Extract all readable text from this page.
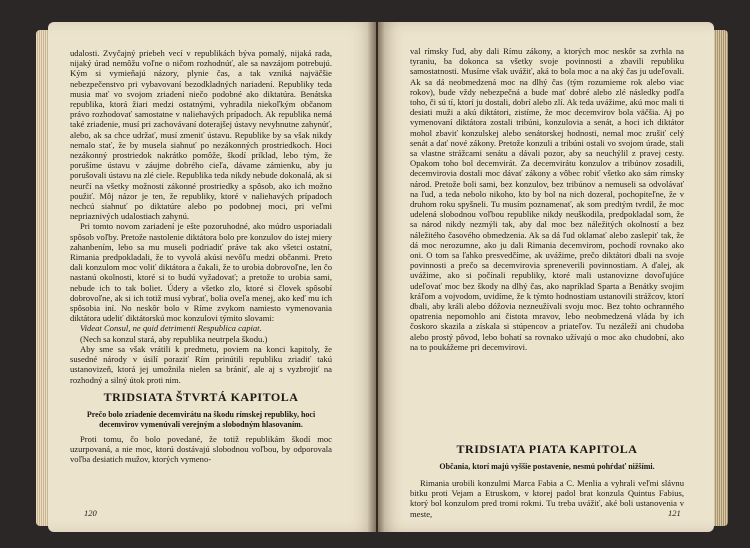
udalosti. Zvyčajný priebeh vecí v republikách býva pomalý, nijaká rada, nijaký úrad nemôžu voľne o ničom rozhodnúť, ale sa navzájom potrebujú. Kým si vymieňajú názory, plynie čas, a tak vzniká najväčšie nebezpečenstvo pri vybavovaní bezodkladných nariadení. Republiky teda musia mať vo svojom zriadení niečo podobné ako diktatúra. Benátska republika, ktorá žiari medzi ostatnými, vyhradila niekoľkým občanom právo rozhodovať samostatne v naliehavých prípadoch. Ak republika nemá také zriadenie, musí pri zachovávaní doterajšej ústavy nevyhnutne zahynúť, alebo, ak sa chce udržať, musí zmeniť ústavu. Republike by sa však nikdy nemalo stať, že by musela siahnuť po nezákonných prostriedkoch. Hoci nezákonný prostriedok nakrátko pomôže, škodí príklad, lebo tým, že porušíme ústavu v záujme dobrého cieľa, dávame zámienku, aby ju porušovali ústavu na zlé ciele. Republika teda nikdy nebude dokonalá, ak si neurčí na všetky možnosti zákonné prostriedky a spôsob, ako ich možno použiť. Môj názor je ten, že republiky, ktoré v naliehavých prípadoch nechcú siahnuť po diktatúre alebo po podobnej moci, pri veľmi nepriaznivých udalostiach zahynú.

Pri tomto novom zariadení je ešte pozoruhodné, ako múdro usporiadali spôsob voľby. Pretože nastolenie diktátora bolo pre konzulov do istej miery zahanbením, lebo sa mu museli podriadiť práve tak ako všetci ostatní, Rimania predpokladali, že to vyvolá akúsi nevôľu medzi občanmi. Preto dali konzulom moc voliť diktátora a čakali, že to urobia dobrovoľne, len čo nastanú okolnosti, ktoré si to budú vyžadovať; a pretože to urobia sami, nebude ich to tak boliet. Údery a všetko zlo, ktoré si človek spôsobí dobrovoľne, ak si ich totiž musí vybrať, bolia oveľa menej, ako keď mu ich spôsobia iní. No neskôr bolo v Ríme zvykom namiesto vymenovania diktátora udeliť diktátorskú moc konzulovi týmito slovami:

Videat Consul, ne quid detrimenti Respublica capiat.

(Nech sa konzul stará, aby republika neutrpela škodu.)

Aby sme sa však vrátili k predmetu, poviem na konci kapitoly, že susedné národy v úsilí poraziť Rím prinútili republiku zriadiť takú ustanovizeň, ktorá jej umožnila nielen sa brániť, ale aj s vyzbrojiť na rozhodný a silný útok proti nim.

TRIDSIATA ŠTVRTÁ KAPITOLA
Prečo bolo zriadenie decemvirátu na škodu rímskej republiky, hoci decemvirov vymenúvali verejným a slobodným hlasovaním.

Proti tomu, čo bolo povedané, že totiž republikám škodí moc uzurpovaná, a nie moc, ktorú dostávajú slobodnou voľbou, by odporovala voľba desiatich mužov, ktorých vymeno-

120

val rímsky ľud, aby dali Rímu zákony, a ktorých moc neskôr sa zvrhla na tyraniu, ba dokonca sa všetky svoje povinnosti a zbavili republiku samostatnosti. Musíme však uvážiť, aká to bola moc a na aký čas ju udeľovali. Ak sa dá neobmedzená moc na dlhý čas (tým rozumieme rok alebo viac rokov), bude vždy nebezpečná a bude mať dobré alebo zlé následky podľa toho, či sú tí, ktorí ju dostali, dobrí alebo zlí. Ak teda uvážime, akú moc mali ti desiati muži a akú diktátori, zistíme, že moc decemvirov bola väčšia. Aj po vymenovaní diktátora zostali tribúni, konzulovia a senát, a hoci ich diktátor mohol zbaviť konzulskej alebo senátorskej hodnosti, nemal moc zrušiť celý senát a dať nové zákony. Pretože konzuli a tribúni ostali vo svojom úrade, stali sa vlastne strážcami senátu a dávali pozor, aby sa neuchýlil z pravej cesty. Opakom toho bol decemvirát. Za decemvirátu konzulov a tribúnov zosadili, decemvirovia dostali moc dávať zákony a vôbec robiť všetko ako sám rímsky národ. Pretože boli sami, bez konzulov, bez tribúnov a nemuseli sa odvolávať na ľud, a teda nebolo nikoho, kto by bol na nich dozeral, pochopiteľne, že v druhom roku spyšneli. Tu musím poznamenať, ak som predtým tvrdil, že moc udelená slobodnou voľbou republike nikdy neuškodila, predpokladal som, že sa národ nikdy nezmýli tak, aby dal moc bez náležitých okolností a bez náležitého časového obmedzenia. Ak sa dá ľud oklamať alebo zaslepiť tak, že dá moc nerozumne, ako ju dali Rimania decemvirom, pochodí rovnako ako oni. O tom sa ľahko presvedčíme, ak uvážime, prečo diktátori dbali na svoje povinnosti a prečo sa decemvirovia spreneverili povinnostiam. A ďalej, ak uvážime, ako si počínali republiky, ktoré mali ustanovizne dovoľujúce udeľovať moc bez škody na dlhý čas, ako napríklad Sparta a Benátky svojim kráľom a vojvodom, uvidíme, že k týmto hodnostiam ustanovili strážcov, ktorí dbali, aby králi alebo dóžovia nezneužívali svoju moc. Bez tohto ochranného opatrenia nepomohlo ani čistota mravov, lebo neobmedzená vláda by ich čoskoro skazila a získala si stúpencov a priateľov. Tu nezáleží ani chudoba alebo prostý pôvod, lebo bohatí sa rovnako užívajú o moc ako chudobní, ako na to poukážeme pri decemvirovi.

TRIDSIATA PIATA KAPITOLA
Občania, ktorí majú vyššie postavenie, nesmú pohŕdať nižšími.

Rimania urobili konzulmi Marca Fabia a C. Menlia a vyhrali veľmi slávnu bitku proti Vejam a Etruskom, v ktorej padol brat konzula Quintus Fabius, ktorý bol konzulom pred tromi rokmi. Tu treba uvážiť, aké boli ustanovenia v meste,	121
